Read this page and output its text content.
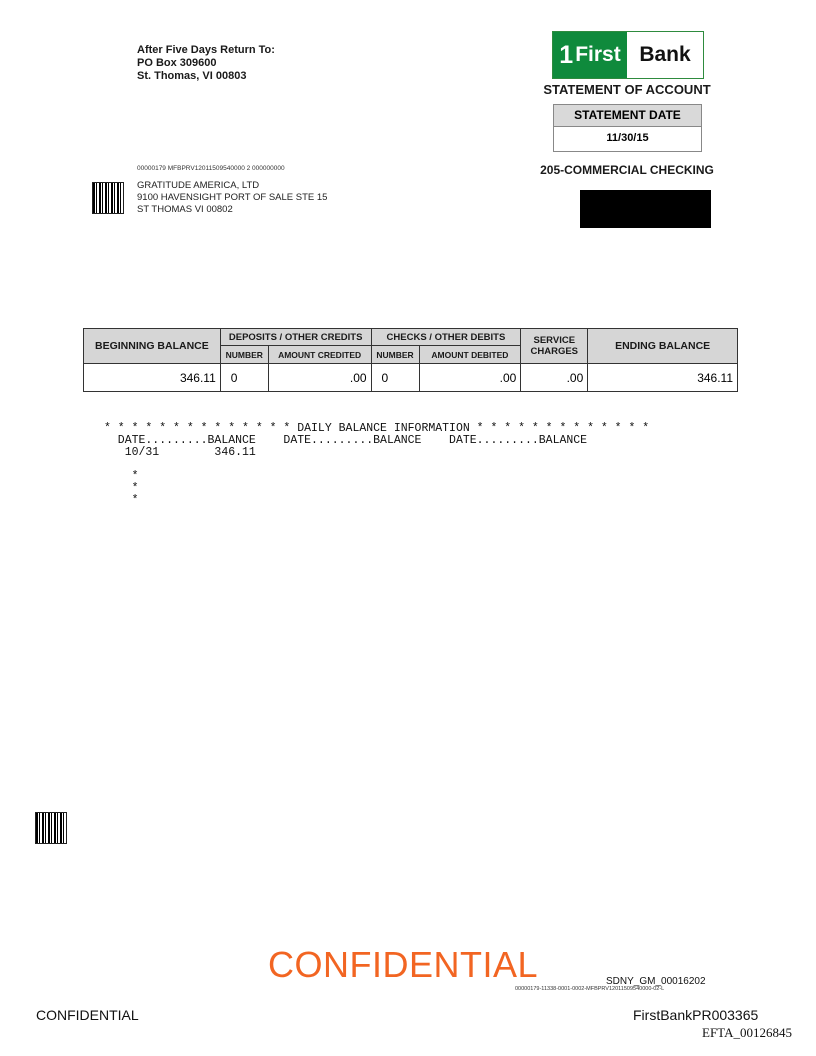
After Five Days Return To:
PO Box 309600
St. Thomas, VI 00803
1 First Bank
STATEMENT OF ACCOUNT
STATEMENT DATE
11/30/15
205-COMMERCIAL CHECKING
00000179 MFBPRV12011509540000 2 000000000
GRATITUDE AMERICA, LTD
9100 HAVENSIGHT PORT OF SALE STE 15
ST THOMAS VI 00802
BEGINNING BALANCE	DEPOSITS / OTHER CREDITS		CHECKS / OTHER DEBITS		SERVICE CHARGES	ENDING BALANCE
	NUMBER	AMOUNT CREDITED	NUMBER	AMOUNT DEBITED		
346.11	0	.00	0	.00	.00	346.11
* * * * * * * * * * * * * * DAILY BALANCE INFORMATION * * * * * * * * * * * * *
DATE.........BALANCE    DATE.........BALANCE    DATE.........BALANCE
10/31        346.11

*
*
*
CONFIDENTIAL	SDNY_GM_00016202
00000179-11338-0001-0002-MFBPRV12011509540000-02-L
CONFIDENTIAL	FirstBankPR003365
EFTA_00126845
